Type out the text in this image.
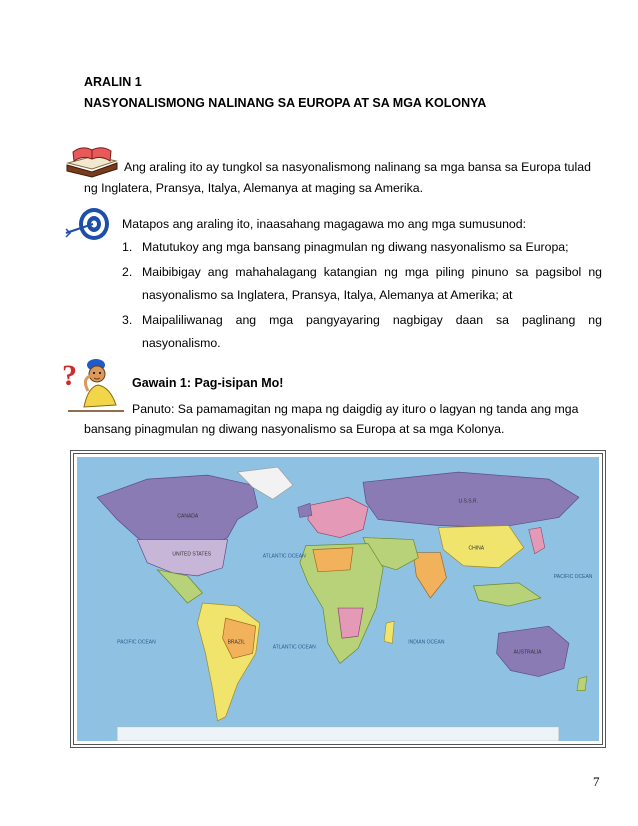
ARALIN 1
NASYONALISMONG NALINANG SA EUROPA AT SA MGA KOLONYA
Ang araling ito ay tungkol sa nasyonalismong nalinang sa mga bansa sa Europa tulad
ng Inglatera, Pransya, Italya, Alemanya at maging sa Amerika.
Matapos ang araling ito, inaasahang magagawa mo ang mga sumusunod:
1. Matutukoy ang mga bansang pinagmulan ng diwang nasyonalismo sa Europa;
2. Maibibigay ang mahahalagang katangian ng mga piling pinuno sa pagsibol ng
nasyonalismo sa Inglatera, Pransya, Italya, Alemanya at Amerika; at
3. Maipaliliwanag ang mga pangyayaring nagbigay daan sa paglinang ng
nasyonalismo.
?	Gawain 1: Pag-isipan Mo!
Panuto: Sa pamamagitan ng mapa ng daigdig ay ituro o lagyan ng tanda ang mga
bansang pinagmulan ng diwang nasyonalismo sa Europa at sa mga Kolonya.
UNITED STATES
CANADA
U.S.S.R.
CHINA
BRAZIL
AUSTRALIA
PACIFIC OCEAN
ATLANTIC OCEAN
ATLANTIC OCEAN
INDIAN OCEAN
PACIFIC OCEAN
7
